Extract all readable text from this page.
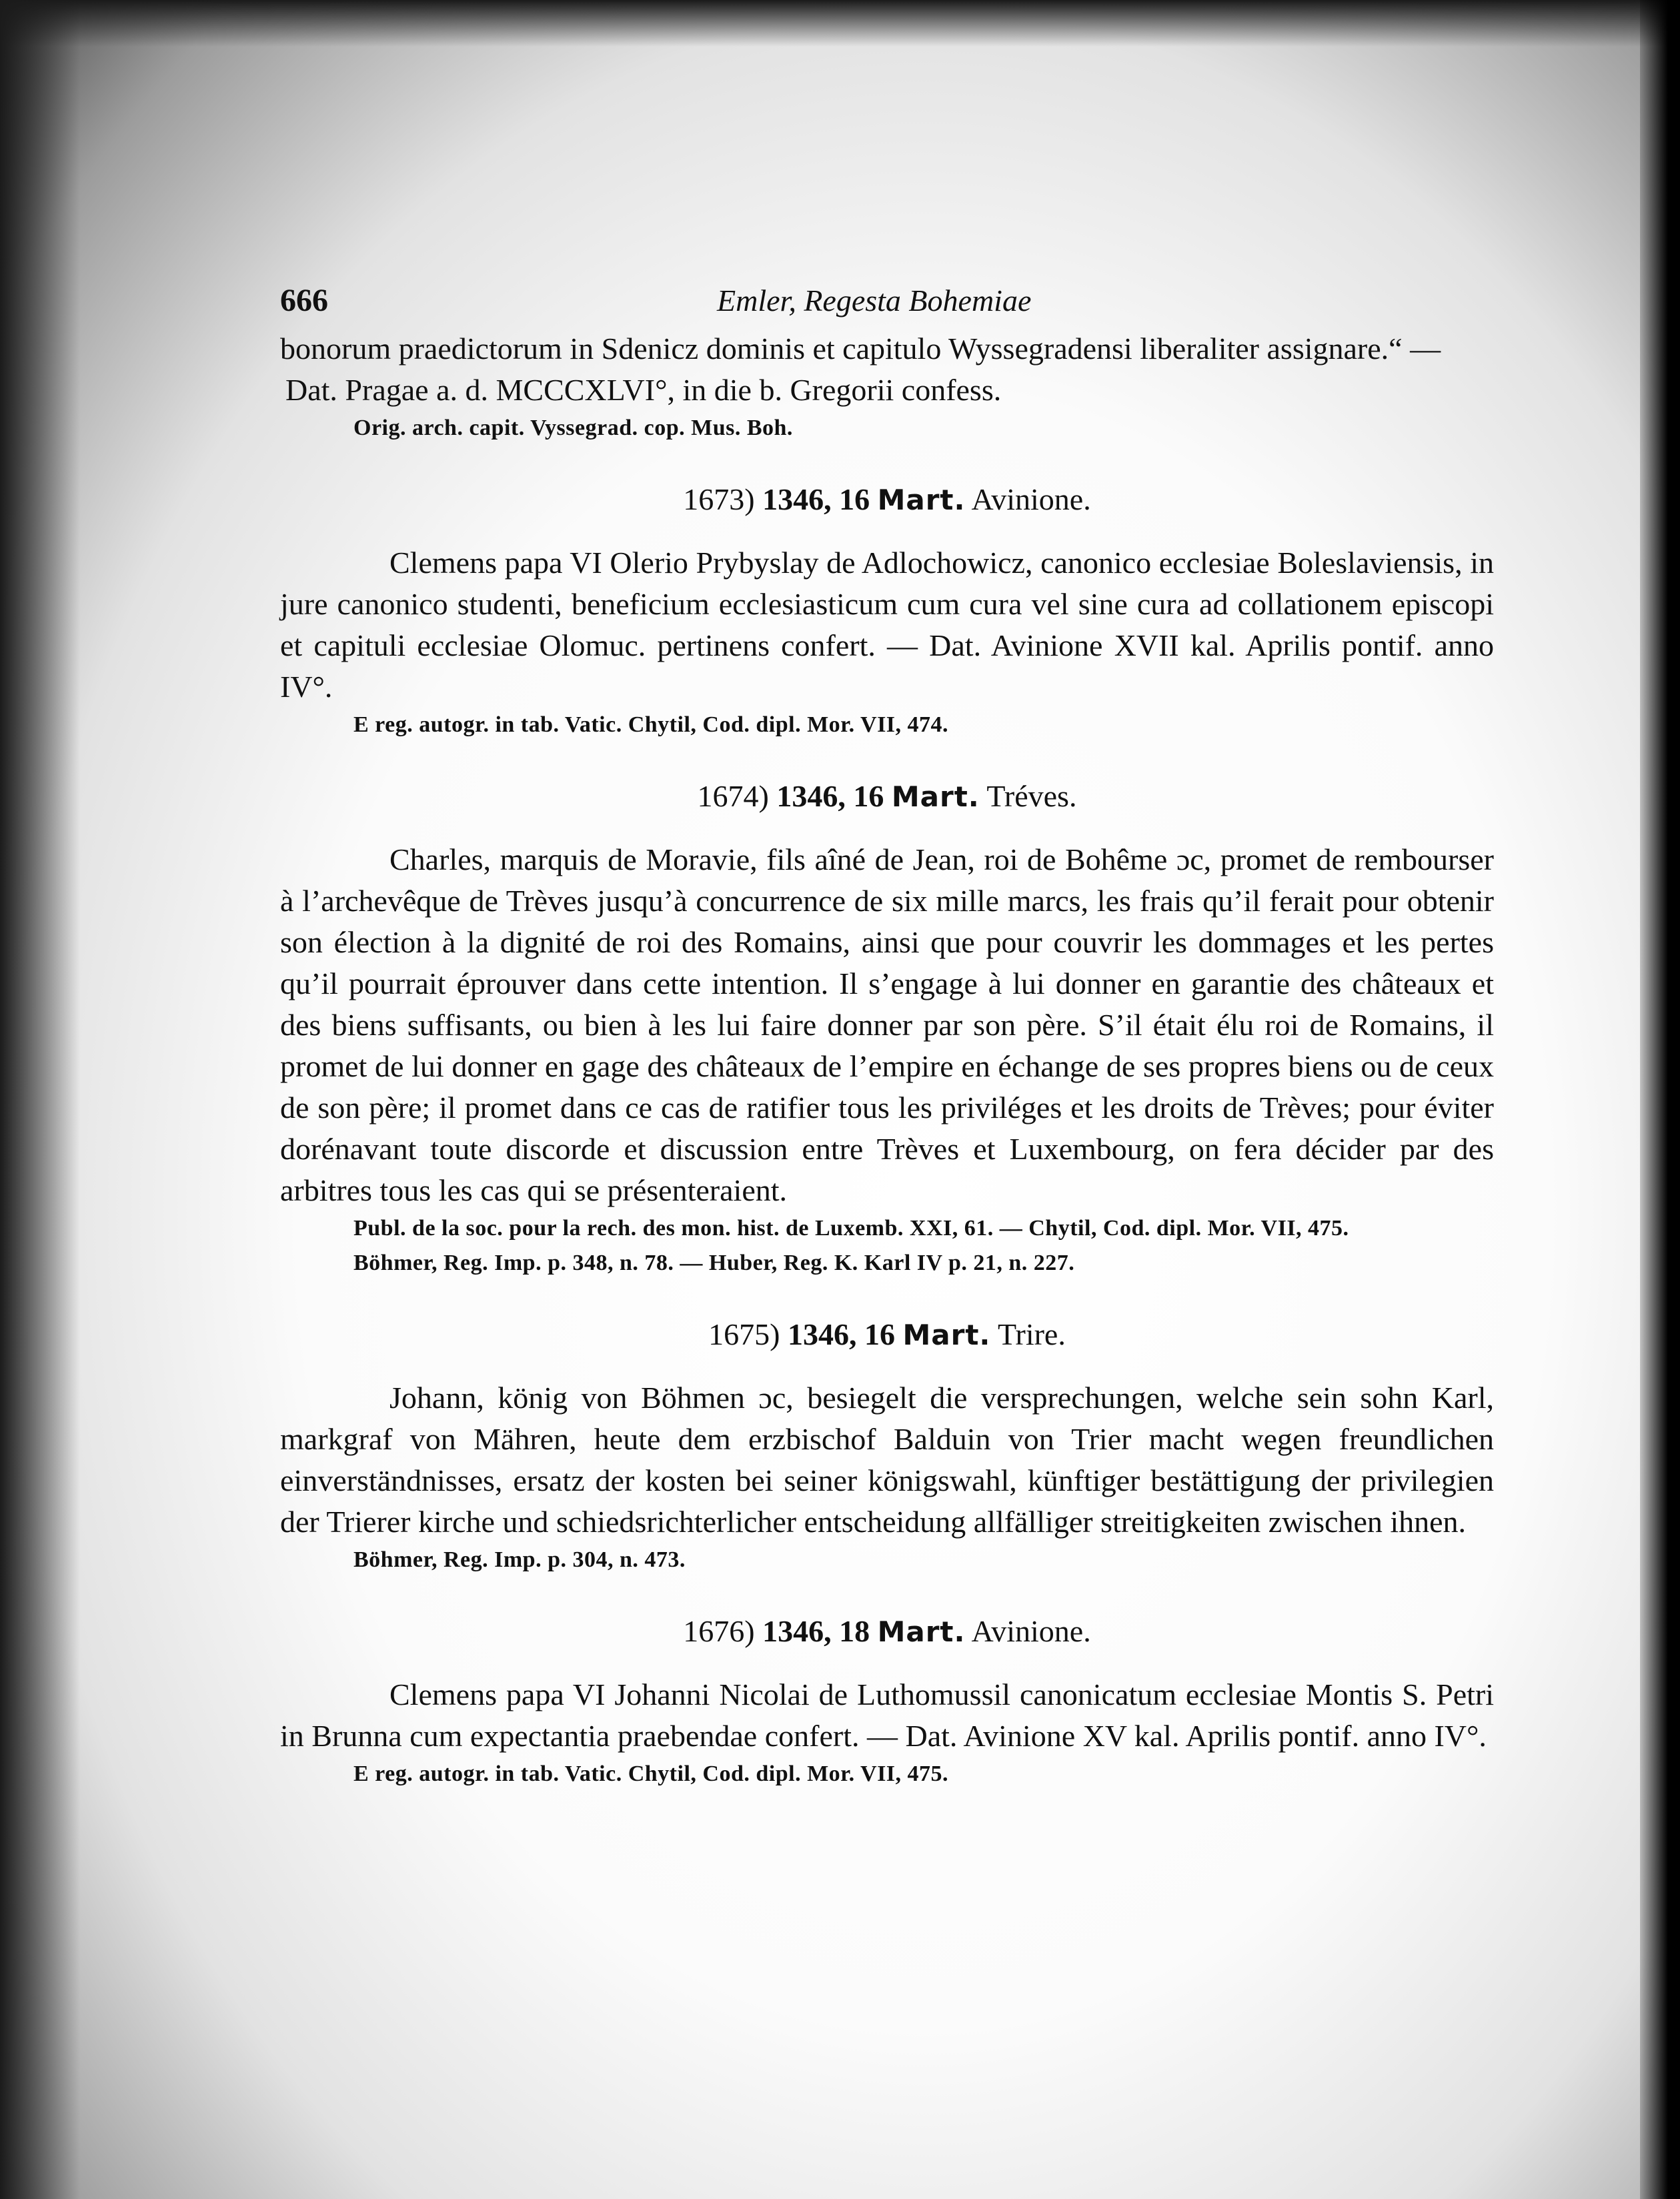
666	Emler, Regesta Bohemiae

bonorum praedictorum in Sdenicz dominis et capitulo Wyssegradensi liberaliter assignare.“ —

Dat. Pragae a. d. MCCCXLVI°, in die b. Gregorii confess.

Orig. arch. capit. Vyssegrad. cop. Mus. Boh.

1673) 1346, 16 Mart. Avinione.

Clemens papa VI Olerio Prybyslay de Adlochowicz, canonico ecclesiae Boleslaviensis, in jure canonico studenti, beneficium ecclesiasticum cum cura vel sine cura ad collationem episcopi et capituli ecclesiae Olomuc. pertinens confert. — Dat. Avinione XVII kal. Aprilis pontif. anno IV°.

E reg. autogr. in tab. Vatic. Chytil, Cod. dipl. Mor. VII, 474.

1674) 1346, 16 Mart. Tréves.

Charles, marquis de Moravie, fils aîné de Jean, roi de Bohême ɔc, promet de rembourser à l’archevêque de Trèves jusqu’à concurrence de six mille marcs, les frais qu’il ferait pour obtenir son élection à la dignité de roi des Romains, ainsi que pour couvrir les dommages et les pertes qu’il pourrait éprouver dans cette intention. Il s’engage à lui donner en garantie des châteaux et des biens suffisants, ou bien à les lui faire donner par son père. S’il était élu roi de Romains, il promet de lui donner en gage des châteaux de l’empire en échange de ses propres biens ou de ceux de son père; il promet dans ce cas de ratifier tous les priviléges et les droits de Trèves; pour éviter dorénavant toute discorde et discussion entre Trèves et Luxembourg, on fera décider par des arbitres tous les cas qui se présenteraient.

Publ. de la soc. pour la rech. des mon. hist. de Luxemb. XXI, 61. — Chytil, Cod. dipl. Mor. VII, 475.

Böhmer, Reg. Imp. p. 348, n. 78. — Huber, Reg. K. Karl IV p. 21, n. 227.

1675) 1346, 16 Mart. Trire.

Johann, könig von Böhmen ɔc, besiegelt die versprechungen, welche sein sohn Karl, markgraf von Mähren, heute dem erzbischof Balduin von Trier macht wegen freundlichen einverständnisses, ersatz der kosten bei seiner königswahl, künftiger bestättigung der privilegien der Trierer kirche und schiedsrichterlicher entscheidung allfälliger streitigkeiten zwischen ihnen.

Böhmer, Reg. Imp. p. 304, n. 473.

1676) 1346, 18 Mart. Avinione.

Clemens papa VI Johanni Nicolai de Luthomussil canonicatum ecclesiae Montis S. Petri in Brunna cum expectantia praebendae confert. — Dat. Avinione XV kal. Aprilis pontif. anno IV°.

E reg. autogr. in tab. Vatic. Chytil, Cod. dipl. Mor. VII, 475.
